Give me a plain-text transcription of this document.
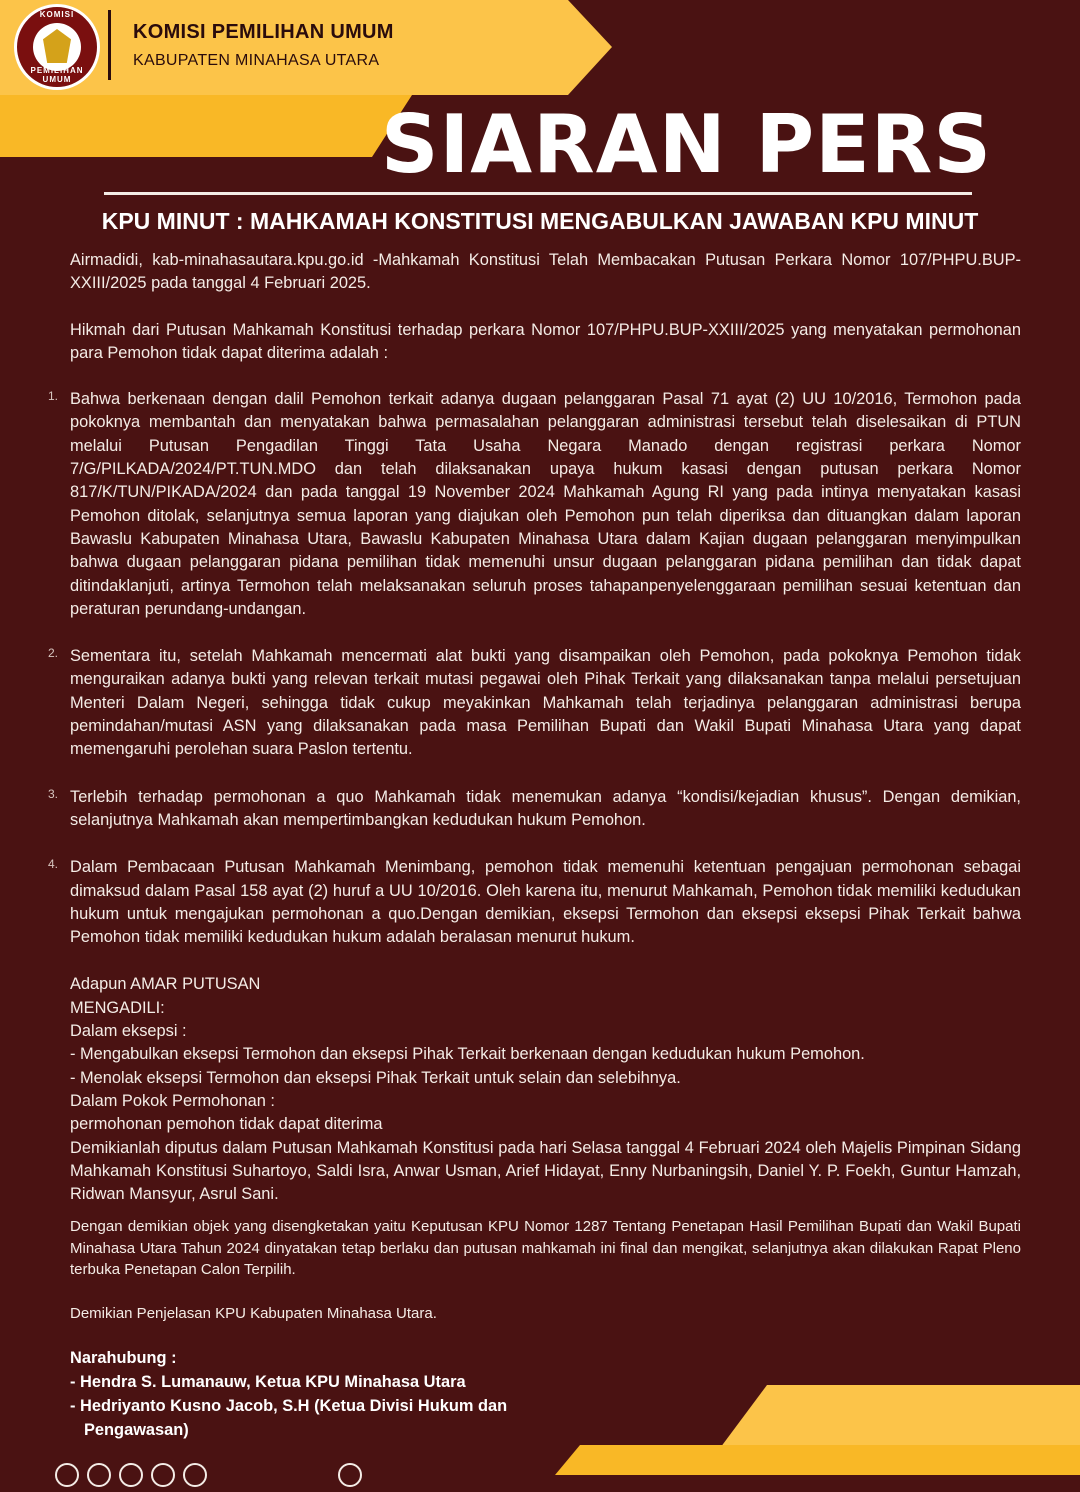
KOMISI
PEMILIHAN UMUM
KOMISI PEMILIHAN UMUM
KABUPATEN MINAHASA UTARA
SIARAN PERS
KPU MINUT : MAHKAMAH KONSTITUSI MENGABULKAN JAWABAN KPU MINUT

Airmadidi, kab-minahasautara.kpu.go.id -Mahkamah Konstitusi Telah Membacakan Putusan Perkara Nomor 107/PHPU.BUP-XXIII/2025 pada tanggal 4 Februari 2025.

Hikmah dari Putusan Mahkamah Konstitusi terhadap perkara Nomor 107/PHPU.BUP-XXIII/2025 yang menyatakan permohonan para Pemohon tidak dapat diterima adalah :

1. Bahwa berkenaan dengan dalil Pemohon terkait adanya dugaan pelanggaran Pasal 71 ayat (2) UU 10/2016, Termohon pada pokoknya membantah dan menyatakan bahwa permasalahan pelanggaran administrasi tersebut telah diselesaikan di PTUN melalui Putusan Pengadilan Tinggi Tata Usaha Negara Manado dengan registrasi perkara Nomor 7/G/PILKADA/2024/PT.TUN.MDO dan telah dilaksanakan upaya hukum kasasi dengan putusan perkara Nomor 817/K/TUN/PIKADA/2024 dan pada tanggal 19 November 2024 Mahkamah Agung RI yang pada intinya menyatakan kasasi Pemohon ditolak, selanjutnya semua laporan yang diajukan oleh Pemohon pun telah diperiksa dan dituangkan dalam laporan Bawaslu Kabupaten Minahasa Utara, Bawaslu Kabupaten Minahasa Utara dalam Kajian dugaan pelanggaran menyimpulkan bahwa dugaan pelanggaran pidana pemilihan tidak memenuhi unsur dugaan pelanggaran pidana pemilihan dan tidak dapat ditindaklanjuti, artinya Termohon telah melaksanakan seluruh proses tahapanpenyelenggaraan pemilihan sesuai ketentuan dan peraturan perundang-undangan.
2. Sementara itu, setelah Mahkamah mencermati alat bukti yang disampaikan oleh Pemohon, pada pokoknya Pemohon tidak menguraikan adanya bukti yang relevan terkait mutasi pegawai oleh Pihak Terkait yang dilaksanakan tanpa melalui persetujuan Menteri Dalam Negeri, sehingga tidak cukup meyakinkan Mahkamah telah terjadinya pelanggaran administrasi berupa pemindahan/mutasi ASN yang dilaksanakan pada masa Pemilihan Bupati dan Wakil Bupati Minahasa Utara yang dapat memengaruhi perolehan suara Paslon tertentu.
3. Terlebih terhadap permohonan a quo Mahkamah tidak menemukan adanya “kondisi/kejadian khusus”. Dengan demikian, selanjutnya Mahkamah akan mempertimbangkan kedudukan hukum Pemohon.
4. Dalam Pembacaan Putusan Mahkamah Menimbang, pemohon tidak memenuhi ketentuan pengajuan permohonan sebagai dimaksud dalam Pasal 158 ayat (2) huruf a UU 10/2016. Oleh karena itu, menurut Mahkamah, Pemohon tidak memiliki kedudukan hukum untuk mengajukan permohonan a quo.Dengan demikian, eksepsi Termohon dan eksepsi eksepsi Pihak Terkait bahwa Pemohon tidak memiliki kedudukan hukum adalah beralasan menurut hukum.

Adapun AMAR PUTUSAN

MENGADILI:

Dalam eksepsi :

- Mengabulkan eksepsi Termohon dan eksepsi Pihak Terkait berkenaan dengan kedudukan hukum Pemohon.

- Menolak eksepsi Termohon dan eksepsi Pihak Terkait untuk selain dan selebihnya.

Dalam Pokok Permohonan :

permohonan pemohon tidak dapat diterima

Demikianlah diputus dalam Putusan Mahkamah Konstitusi pada hari Selasa tanggal 4 Februari 2024 oleh Majelis Pimpinan Sidang Mahkamah Konstitusi Suhartoyo, Saldi Isra, Anwar Usman, Arief Hidayat, Enny Nurbaningsih, Daniel Y. P. Foekh, Guntur Hamzah, Ridwan Mansyur, Asrul Sani.

Dengan demikian objek yang disengketakan yaitu Keputusan KPU Nomor 1287 Tentang Penetapan Hasil Pemilihan Bupati dan Wakil Bupati Minahasa Utara Tahun 2024 dinyatakan tetap berlaku dan putusan mahkamah ini final dan mengikat, selanjutnya akan dilakukan Rapat Pleno terbuka Penetapan Calon Terpilih.

Demikian Penjelasan KPU Kabupaten Minahasa Utara.

Narahubung :
- Hendra S. Lumanauw, Ketua KPU Minahasa Utara
- Hedriyanto Kusno Jacob, S.H (Ketua Divisi Hukum dan
Pengawasan)
